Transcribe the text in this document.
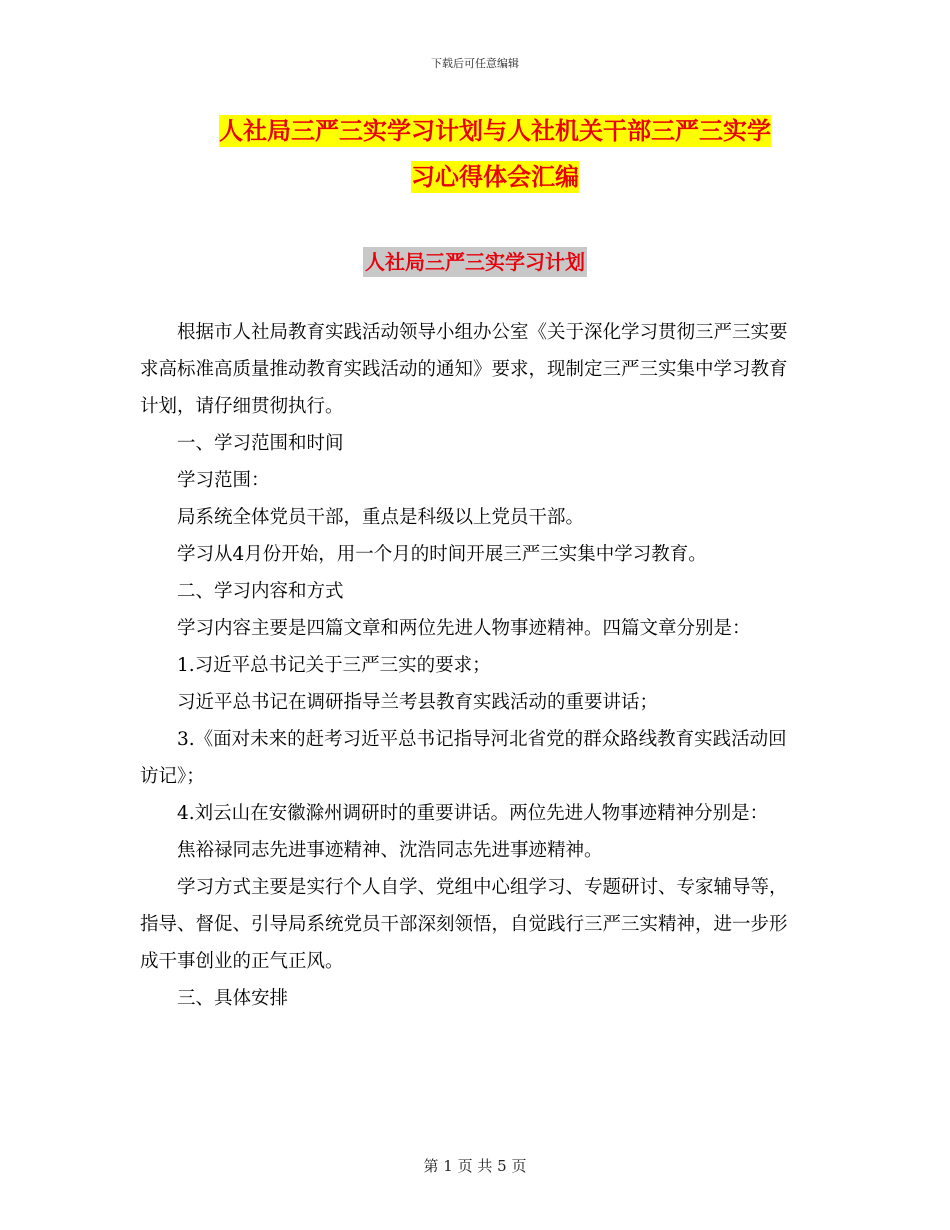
下载后可任意编辑
人社局三严三实学习计划与人社机关干部三严三实学
习心得体会汇编
人社局三严三实学习计划

根据市人社局教育实践活动领导小组办公室《关于深化学习贯彻三严三实要求高标准高质量推动教育实践活动的通知》要求，现制定三严三实集中学习教育计划，请仔细贯彻执行。

一、学习范围和时间

学习范围：

局系统全体党员干部，重点是科级以上党员干部。

学习从4月份开始，用一个月的时间开展三严三实集中学习教育。

二、学习内容和方式

学习内容主要是四篇文章和两位先进人物事迹精神。四篇文章分别是：

1.习近平总书记关于三严三实的要求；

习近平总书记在调研指导兰考县教育实践活动的重要讲话；

3.《面对未来的赶考习近平总书记指导河北省党的群众路线教育实践活动回访记》；

4.刘云山在安徽滁州调研时的重要讲话。两位先进人物事迹精神分别是：

焦裕禄同志先进事迹精神、沈浩同志先进事迹精神。

学习方式主要是实行个人自学、党组中心组学习、专题研讨、专家辅导等，指导、督促、引导局系统党员干部深刻领悟，自觉践行三严三实精神，进一步形成干事创业的正气正风。

三、具体安排

第 1 页 共 5 页
